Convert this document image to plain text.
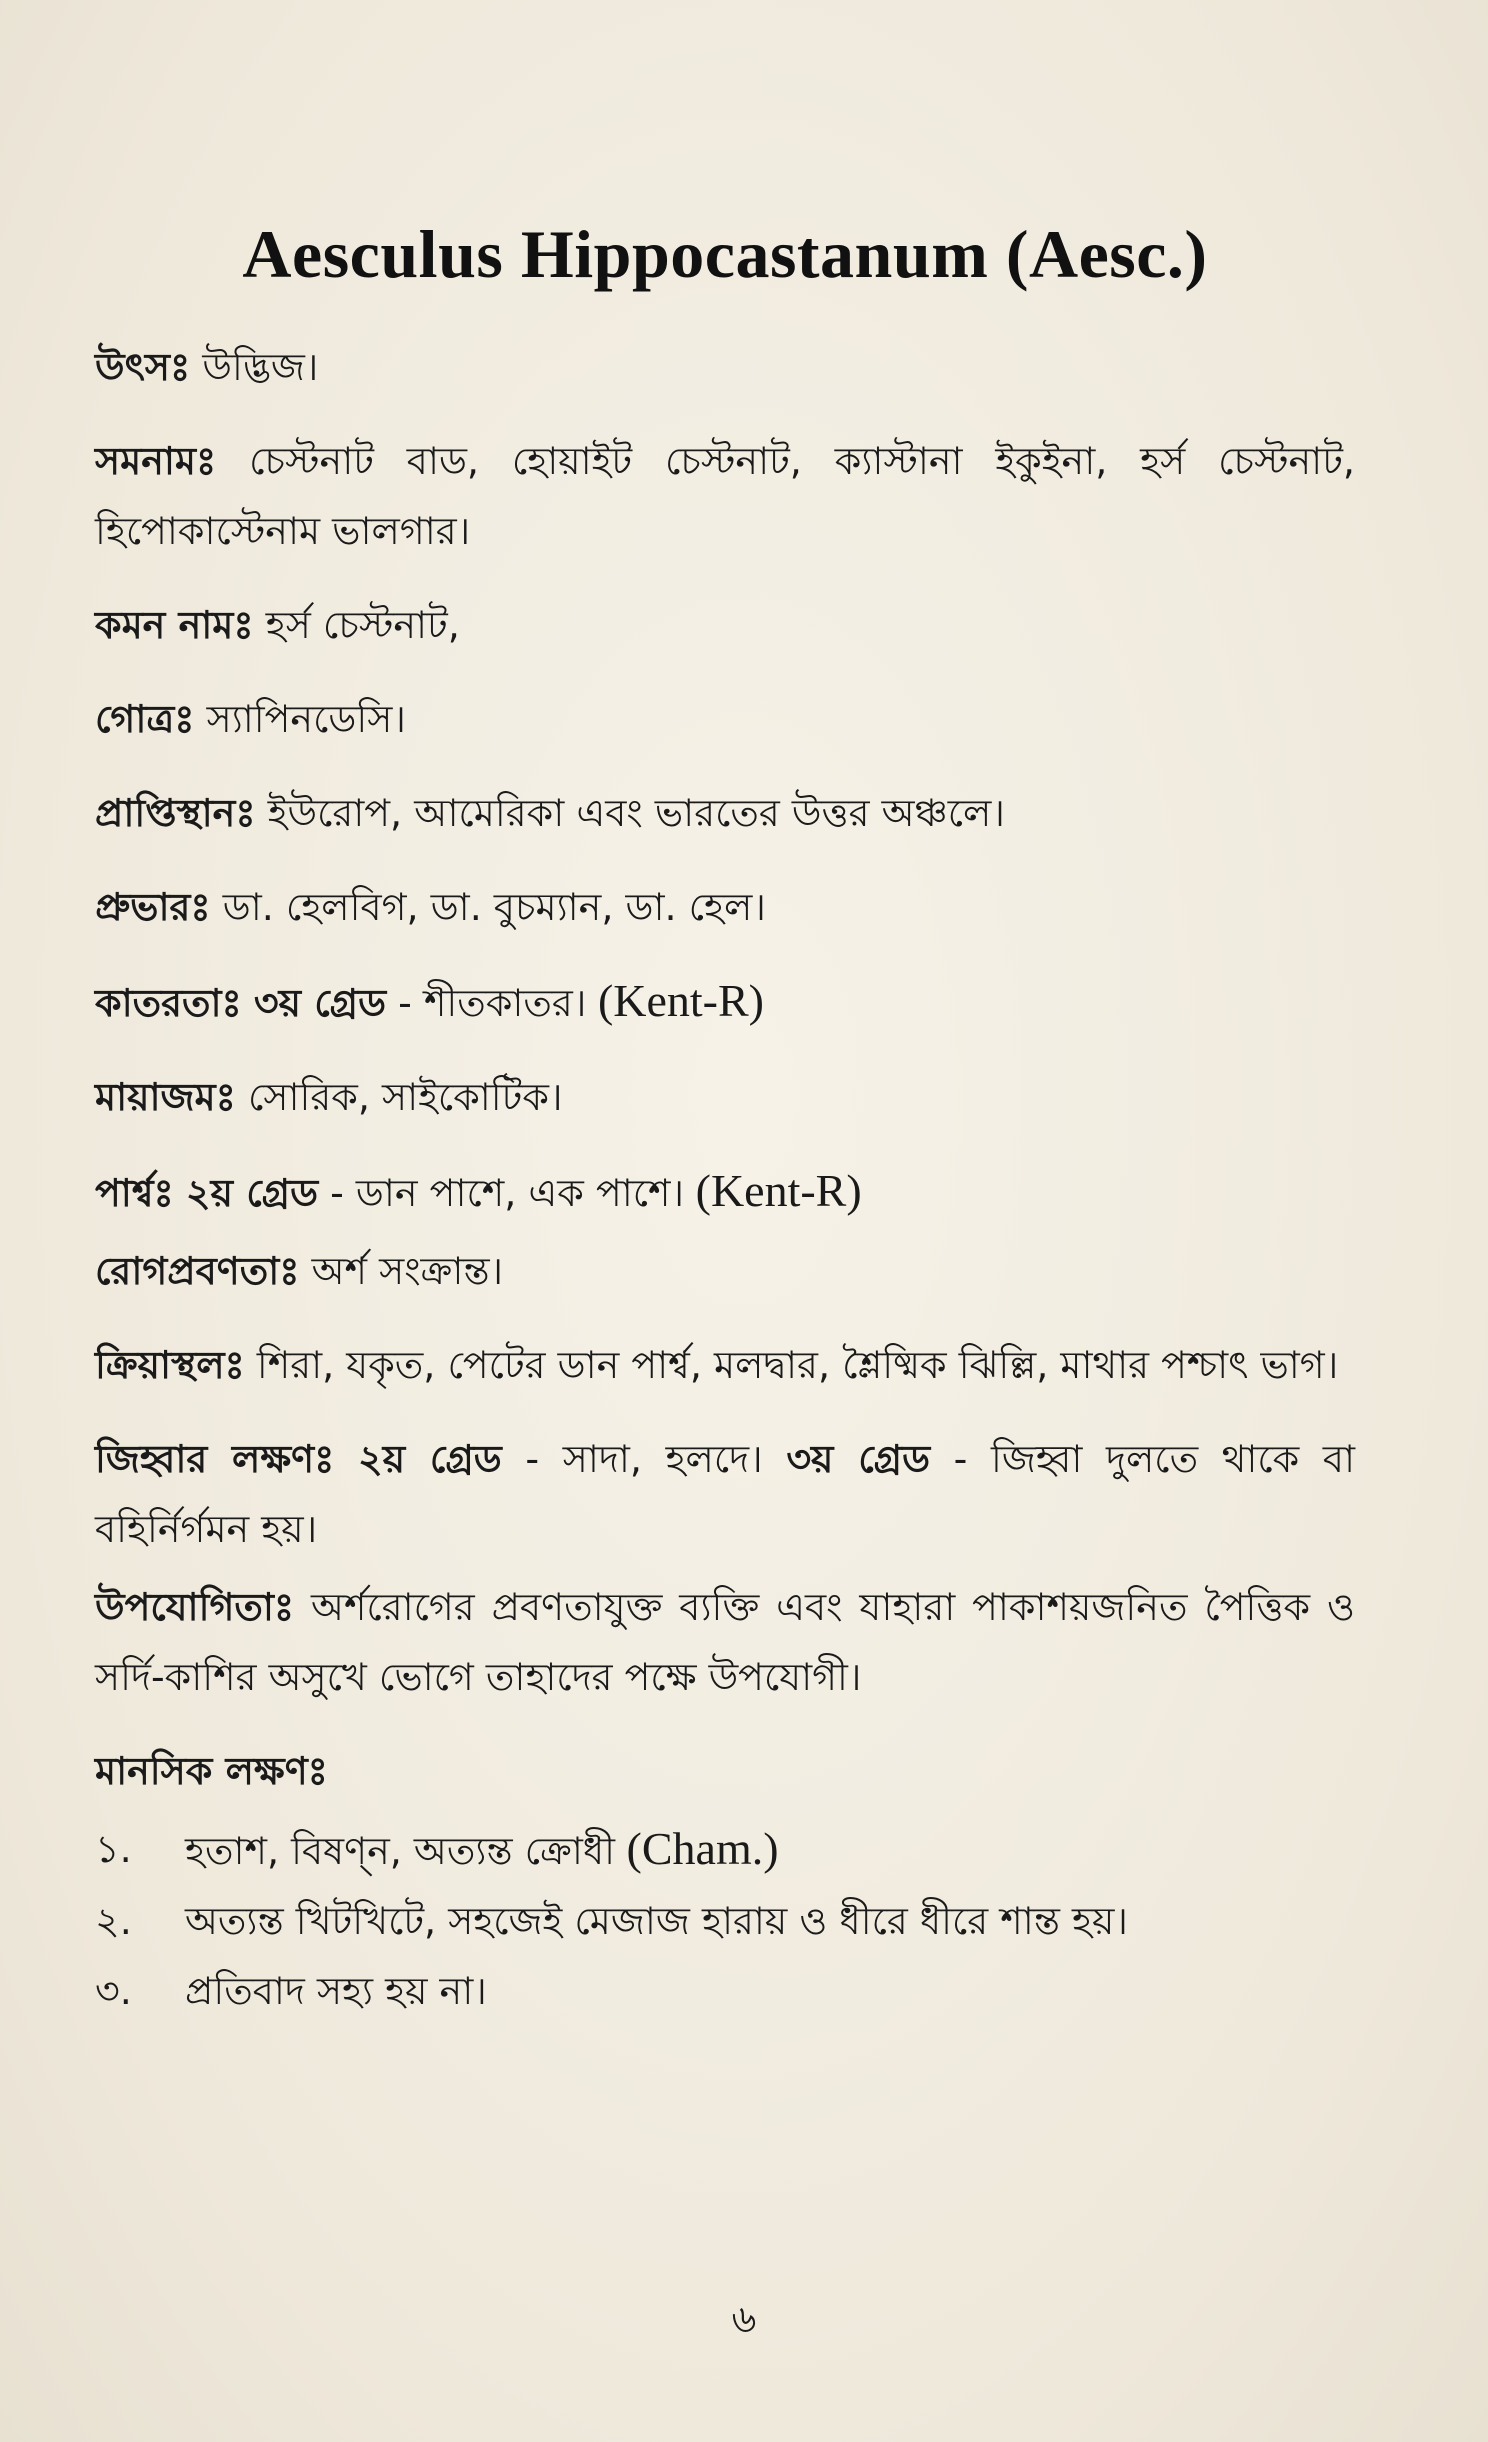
Aesculus Hippocastanum (Aesc.)

উৎসঃ উদ্ভিজ।

সমনামঃ চেস্টনাট বাড, হোয়াইট চেস্টনাট, ক্যাস্টানা ইকুইনা, হর্স চেস্টনাট, হিপোকাস্টেনাম ভালগার।

কমন নামঃ হর্স চেস্টনাট,

গোত্রঃ স্যাপিনডেসি।

প্রাপ্তিস্থানঃ ইউরোপ, আমেরিকা এবং ভারতের উত্তর অঞ্চলে।

প্রুভারঃ ডা. হেলবিগ, ডা. বুচম্যান, ডা. হেল।

কাতরতাঃ ৩য় গ্রেড - শীতকাতর। (Kent-R)

মায়াজমঃ সোরিক, সাইকোটিক।

পার্শ্বঃ ২য় গ্রেড - ডান পাশে, এক পাশে। (Kent-R)

রোগপ্রবণতাঃ অর্শ সংক্রান্ত।

ক্রিয়াস্থলঃ শিরা, যকৃত, পেটের ডান পার্শ্ব, মলদ্বার, শ্লৈষ্মিক ঝিল্লি, মাথার পশ্চাৎ ভাগ।

জিহ্বার লক্ষণঃ ২য় গ্রেড - সাদা, হলদে। ৩য় গ্রেড - জিহ্বা দুলতে থাকে বা বহির্নির্গমন হয়।

উপযোগিতাঃ অর্শরোগের প্রবণতাযুক্ত ব্যক্তি এবং যাহারা পাকাশয়জনিত পৈত্তিক ও সর্দি-কাশির অসুখে ভোগে তাহাদের পক্ষে উপযোগী।

মানসিক লক্ষণঃ
১.	হতাশ, বিষণ্ন, অত্যন্ত ক্রোধী (Cham.)
২.	অত্যন্ত খিটখিটে, সহজেই মেজাজ হারায় ও ধীরে ধীরে শান্ত হয়।
৩.	প্রতিবাদ সহ্য হয় না।
৬
